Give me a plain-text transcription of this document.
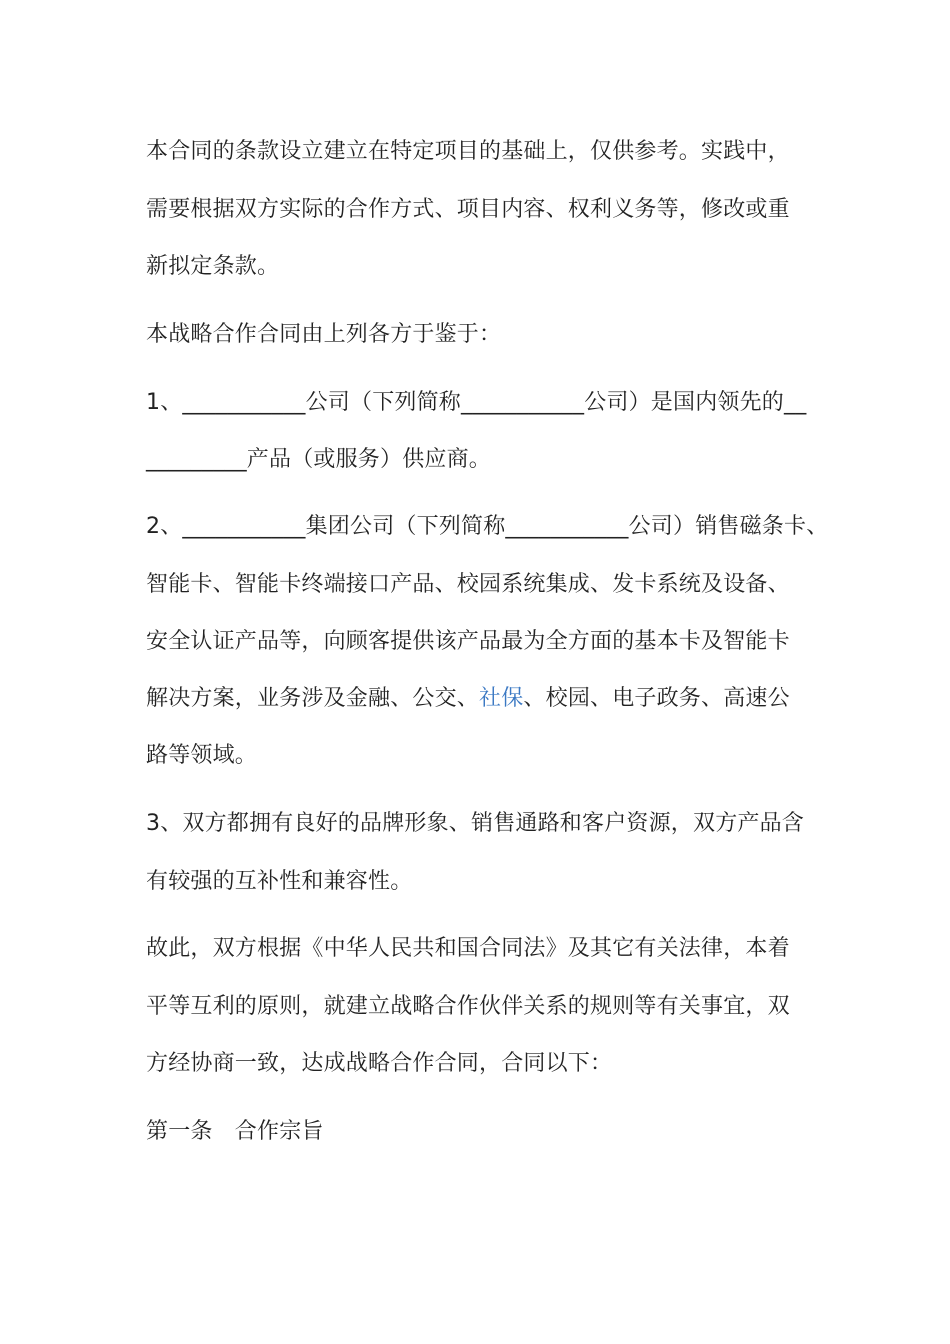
本合同的条款设立建立在特定项目的基础上，仅供参考。实践中，
需要根据双方实际的合作方式、项目内容、权利义务等，修改或重
新拟定条款。
本战略合作合同由上列各方于鉴于：
1、___________公司（下列简称___________公司）是国内领先的__
_________产品（或服务）供应商。
2、___________集团公司（下列简称___________公司）销售磁条卡、
智能卡、智能卡终端接口产品、校园系统集成、发卡系统及设备、
安全认证产品等，向顾客提供该产品最为全方面的基本卡及智能卡
解决方案，业务涉及金融、公交、社保、校园、电子政务、高速公
路等领域。
3、双方都拥有良好的品牌形象、销售通路和客户资源，双方产品含
有较强的互补性和兼容性。
故此，双方根据《中华人民共和国合同法》及其它有关法律，本着
平等互利的原则，就建立战略合作伙伴关系的规则等有关事宜，双
方经协商一致，达成战略合作合同，合同以下：
第一条　合作宗旨
